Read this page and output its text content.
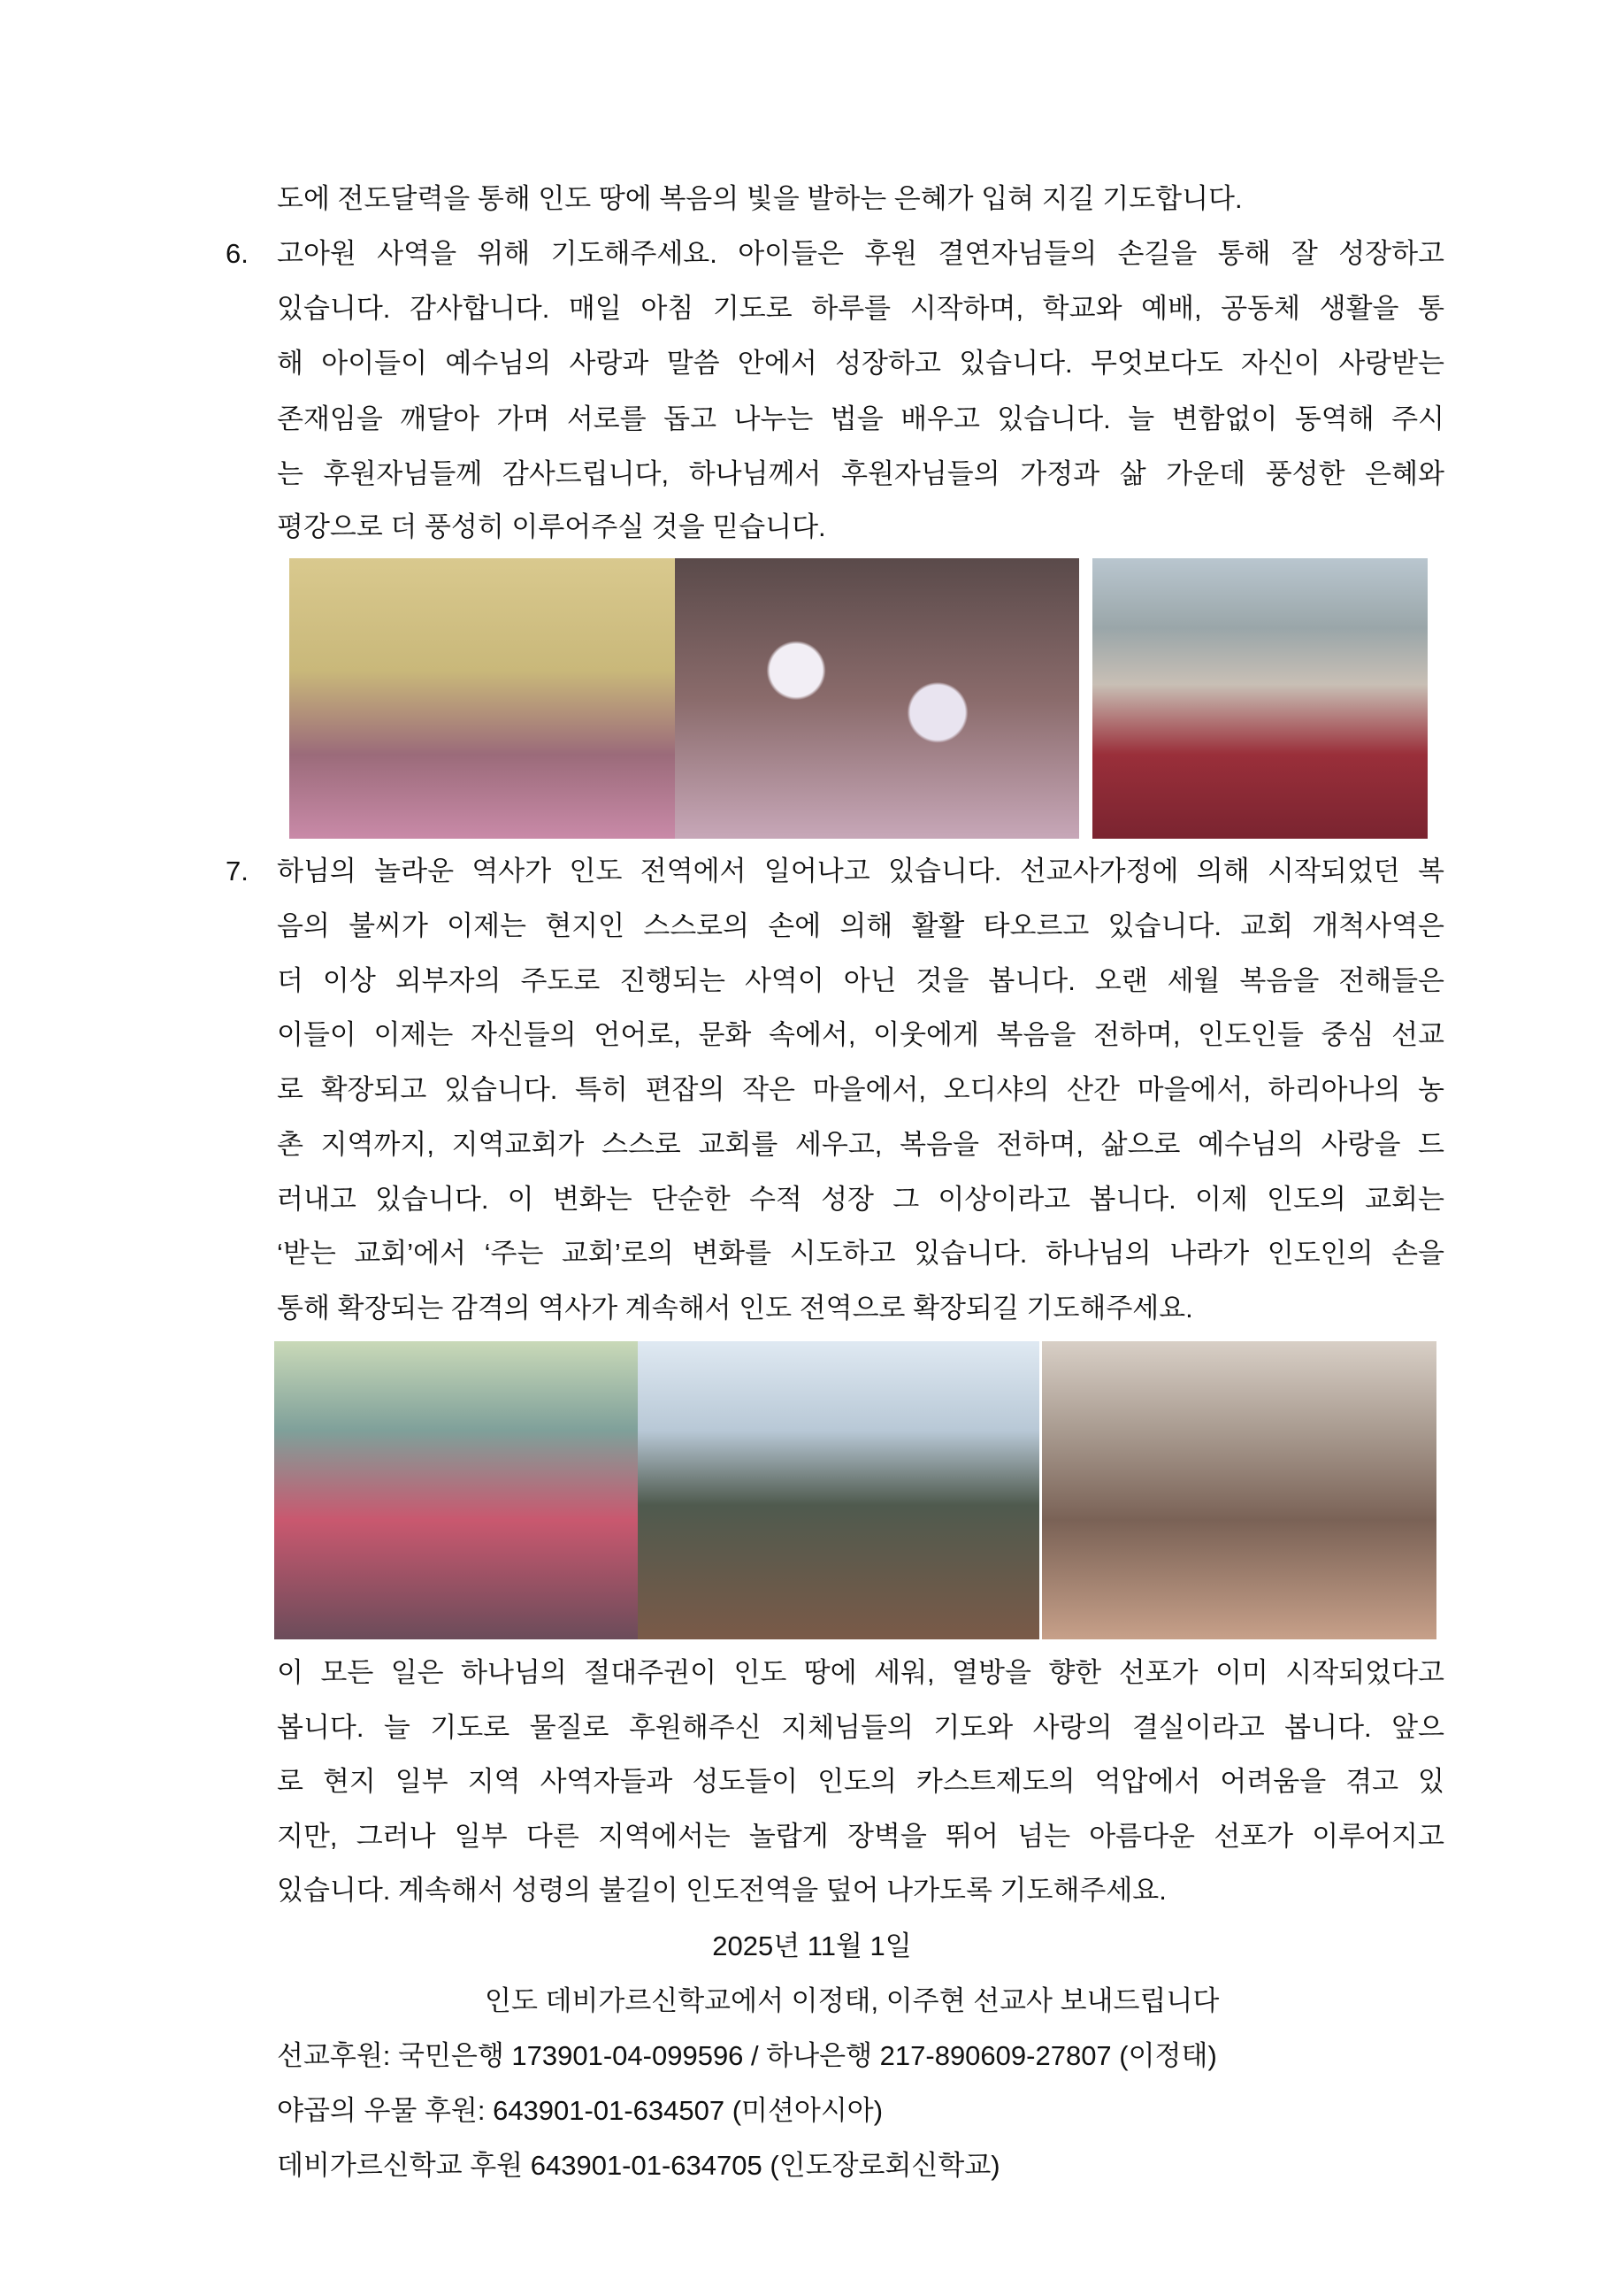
도에 전도달력을 통해 인도 땅에 복음의 빛을 발하는 은혜가 입혀 지길 기도합니다.
6. 고아원 사역을 위해 기도해주세요. 아이들은 후원 결연자님들의 손길을 통해 잘 성장하고
있습니다. 감사합니다. 매일 아침 기도로 하루를 시작하며, 학교와 예배, 공동체 생활을 통
해 아이들이 예수님의 사랑과 말씀 안에서 성장하고 있습니다. 무엇보다도 자신이 사랑받는
존재임을 깨달아 가며 서로를 돕고 나누는 법을 배우고 있습니다. 늘 변함없이 동역해 주시
는 후원자님들께 감사드립니다, 하나님께서 후원자님들의 가정과 삶 가운데 풍성한 은혜와
평강으로 더 풍성히 이루어주실 것을 믿습니다.
7. 하님의 놀라운 역사가 인도 전역에서 일어나고 있습니다. 선교사가정에 의해 시작되었던 복
음의 불씨가 이제는 현지인 스스로의 손에 의해 활활 타오르고 있습니다. 교회 개척사역은
더 이상 외부자의 주도로 진행되는 사역이 아닌 것을 봅니다. 오랜 세월 복음을 전해들은
이들이 이제는 자신들의 언어로, 문화 속에서, 이웃에게 복음을 전하며, 인도인들 중심 선교
로 확장되고 있습니다. 특히 편잡의 작은 마을에서, 오디샤의 산간 마을에서, 하리아나의 농
촌 지역까지, 지역교회가 스스로 교회를 세우고, 복음을 전하며, 삶으로 예수님의 사랑을 드
러내고 있습니다. 이 변화는 단순한 수적 성장 그 이상이라고 봅니다. 이제 인도의 교회는
‘받는 교회’에서 ‘주는 교회’로의 변화를 시도하고 있습니다. 하나님의 나라가 인도인의 손을
통해 확장되는 감격의 역사가 계속해서 인도 전역으로 확장되길 기도해주세요.
이 모든 일은 하나님의 절대주권이 인도 땅에 세워, 열방을 향한 선포가 이미 시작되었다고
봅니다. 늘 기도로 물질로 후원해주신 지체님들의 기도와 사랑의 결실이라고 봅니다. 앞으
로 현지 일부 지역 사역자들과 성도들이 인도의 카스트제도의 억압에서 어려움을 겪고 있
지만, 그러나 일부 다른 지역에서는 놀랍게 장벽을 뛰어 넘는 아름다운 선포가 이루어지고
있습니다. 계속해서 성령의 불길이 인도전역을 덮어 나가도록 기도해주세요.
2025년 11월 1일
인도 데비가르신학교에서 이정태, 이주현 선교사 보내드립니다
선교후원: 국민은행 173901-04-099596 / 하나은행 217-890609-27807 (이정태)
야곱의 우물 후원: 643901-01-634507 (미션아시아)
데비가르신학교 후원 643901-01-634705 (인도장로회신학교)
